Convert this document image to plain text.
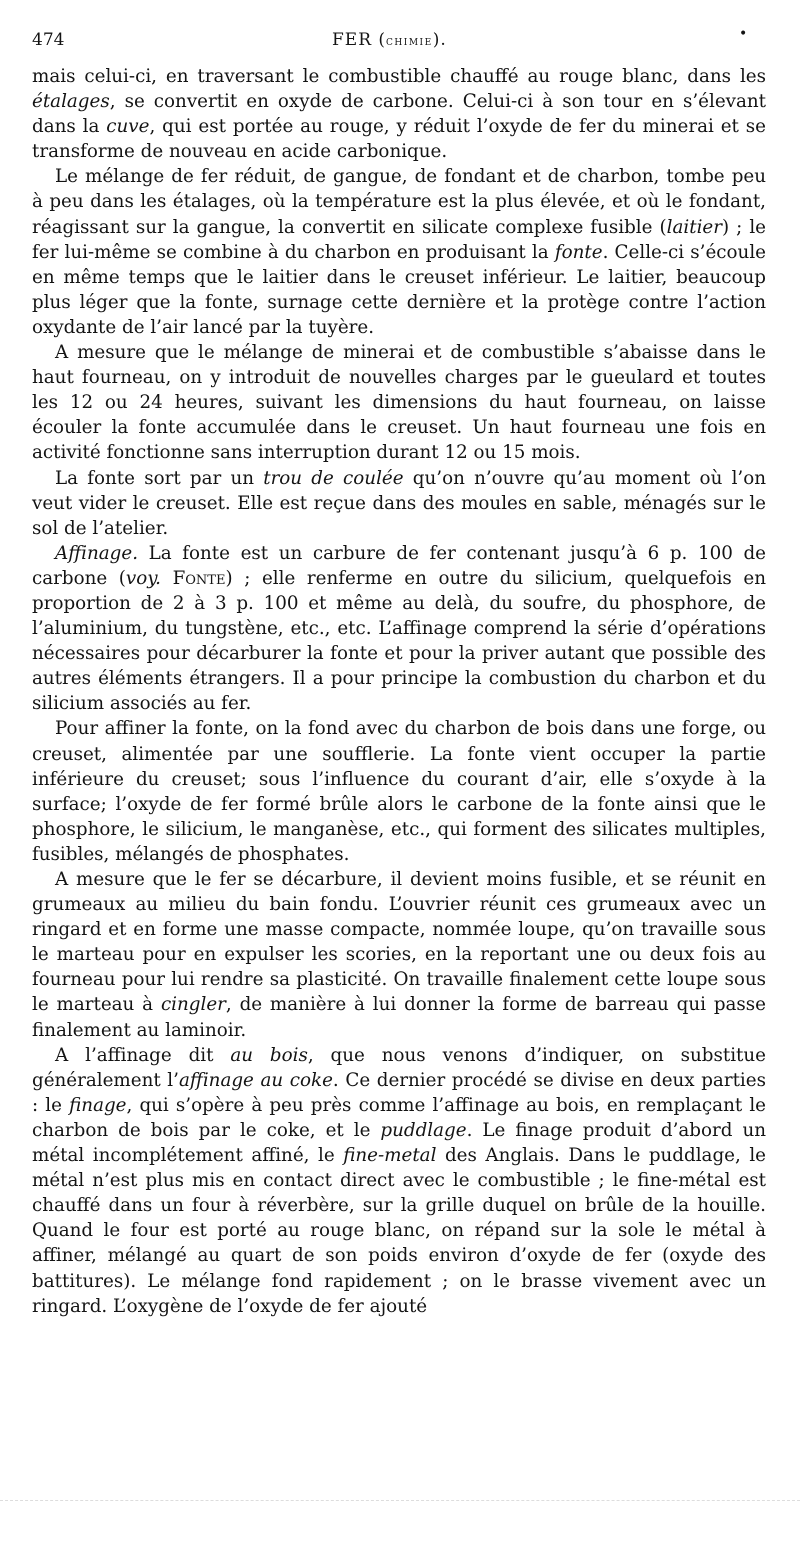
474	FER (chimie).	•

mais celui-ci, en traversant le combustible chauffé au rouge blanc, dans les étalages, se convertit en oxyde de carbone. Celui-ci à son tour en s’élevant dans la cuve, qui est portée au rouge, y réduit l’oxyde de fer du minerai et se transforme de nouveau en acide carbonique.

Le mélange de fer réduit, de gangue, de fondant et de charbon, tombe peu à peu dans les étalages, où la température est la plus élevée, et où le fondant, réagissant sur la gangue, la convertit en silicate complexe fusible (laitier) ; le fer lui-même se combine à du charbon en produisant la fonte. Celle-ci s’écoule en même temps que le laitier dans le creuset inférieur. Le laitier, beaucoup plus léger que la fonte, surnage cette dernière et la protège contre l’action oxydante de l’air lancé par la tuyère.

A mesure que le mélange de minerai et de combustible s’abaisse dans le haut fourneau, on y introduit de nouvelles charges par le gueulard et toutes les 12 ou 24 heures, suivant les dimensions du haut fourneau, on laisse écouler la fonte accumulée dans le creuset. Un haut fourneau une fois en activité fonctionne sans interruption durant 12 ou 15 mois.

La fonte sort par un trou de coulée qu’on n’ouvre qu’au moment où l’on veut vider le creuset. Elle est reçue dans des moules en sable, ménagés sur le sol de l’atelier.

Affinage. La fonte est un carbure de fer contenant jusqu’à 6 p. 100 de carbone (voy. Fonte) ; elle renferme en outre du silicium, quelquefois en proportion de 2 à 3 p. 100 et même au delà, du soufre, du phosphore, de l’aluminium, du tungstène, etc., etc. L’affinage comprend la série d’opérations nécessaires pour décarburer la fonte et pour la priver autant que possible des autres éléments étrangers. Il a pour principe la combustion du charbon et du silicium associés au fer.

Pour affiner la fonte, on la fond avec du charbon de bois dans une forge, ou creuset, alimentée par une soufflerie. La fonte vient occuper la partie inférieure du creuset; sous l’influence du courant d’air, elle s’oxyde à la surface; l’oxyde de fer formé brûle alors le carbone de la fonte ainsi que le phosphore, le silicium, le manganèse, etc., qui forment des silicates multiples, fusibles, mélangés de phosphates.

A mesure que le fer se décarbure, il devient moins fusible, et se réunit en grumeaux au milieu du bain fondu. L’ouvrier réunit ces grumeaux avec un ringard et en forme une masse compacte, nommée loupe, qu’on travaille sous le marteau pour en expulser les scories, en la reportant une ou deux fois au fourneau pour lui rendre sa plasticité. On travaille finalement cette loupe sous le marteau à cingler, de manière à lui donner la forme de barreau qui passe finalement au laminoir.

A l’affinage dit au bois, que nous venons d’indiquer, on substitue généralement l’affinage au coke. Ce dernier procédé se divise en deux parties : le finage, qui s’opère à peu près comme l’affinage au bois, en remplaçant le charbon de bois par le coke, et le puddlage. Le finage produit d’abord un métal incomplétement affiné, le fine-metal des Anglais. Dans le puddlage, le métal n’est plus mis en contact direct avec le combustible ; le fine-métal est chauffé dans un four à réverbère, sur la grille duquel on brûle de la houille. Quand le four est porté au rouge blanc, on répand sur la sole le métal à affiner, mélangé au quart de son poids environ d’oxyde de fer (oxyde des battitures). Le mélange fond rapidement ; on le brasse vivement avec un ringard. L’oxygène de l’oxyde de fer ajouté
